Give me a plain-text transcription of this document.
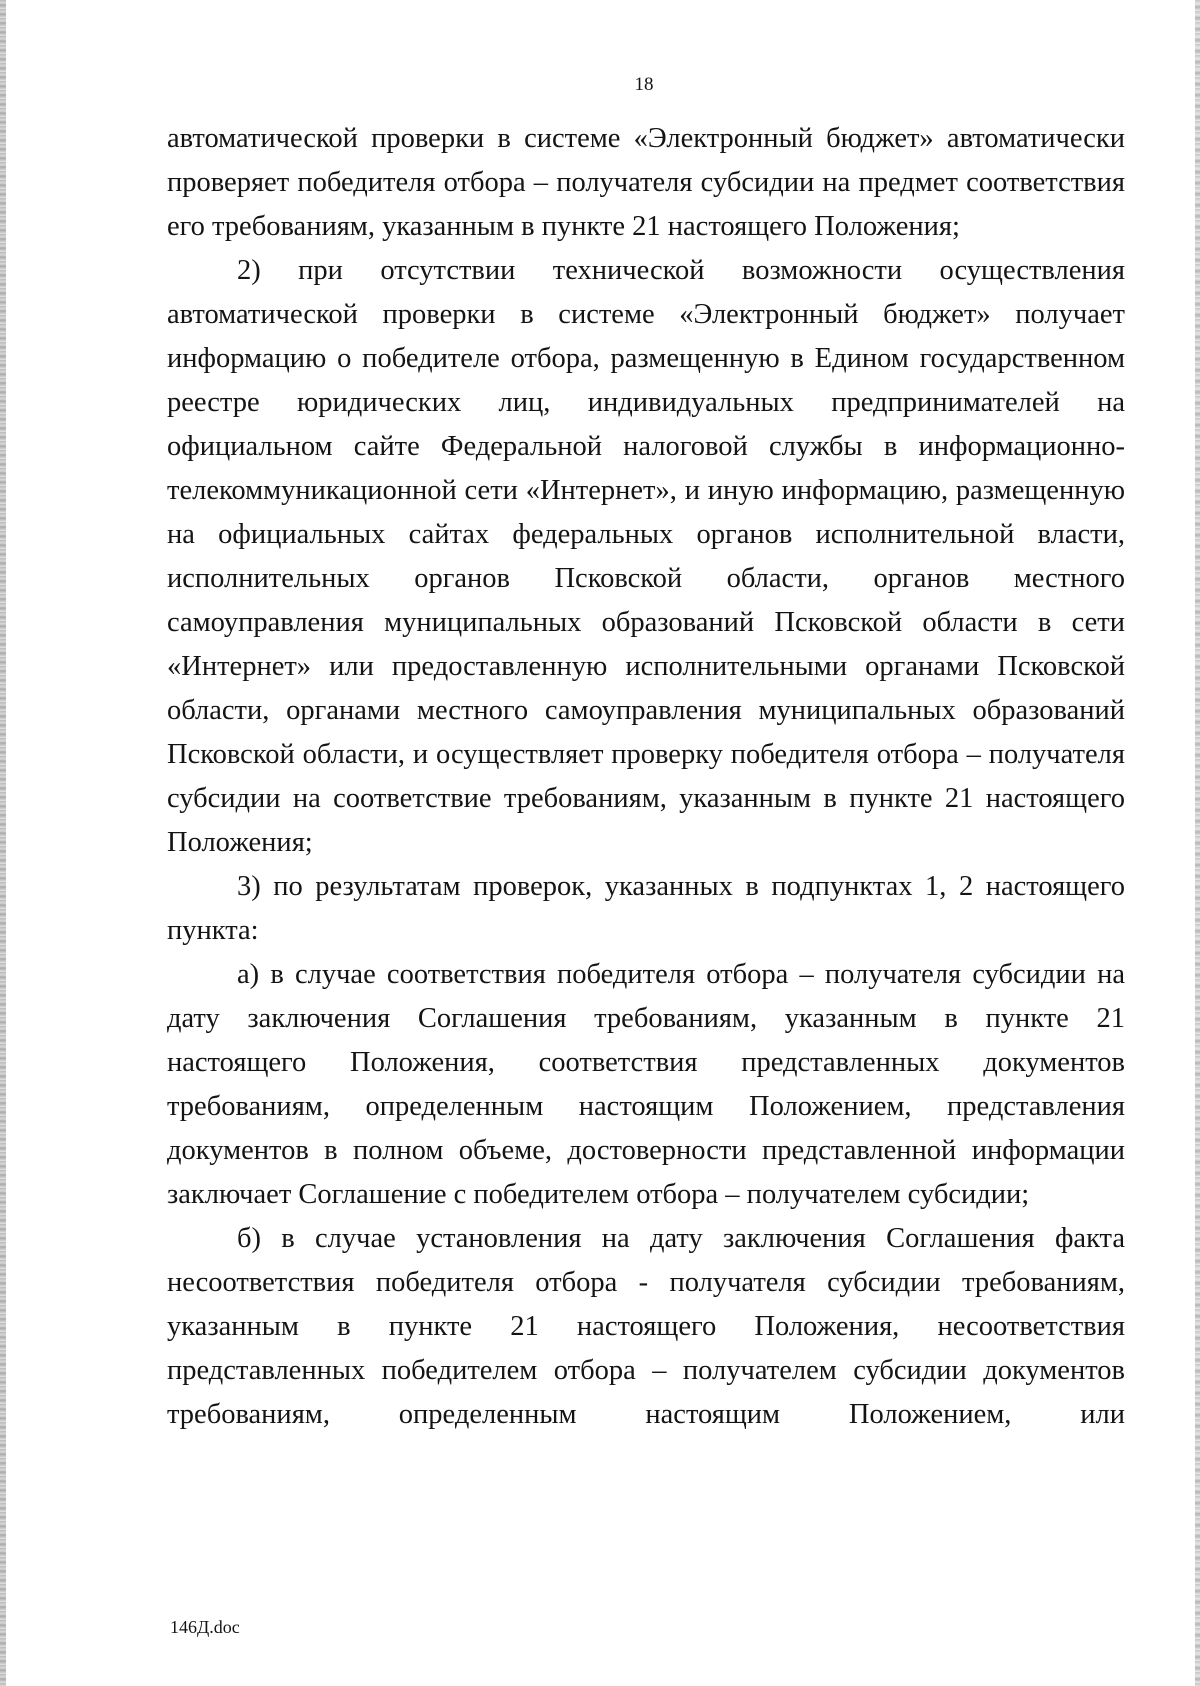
18

автоматической проверки в системе «Электронный бюджет» автоматически проверяет победителя отбора – получателя субсидии на предмет соответствия его требованиям, указанным в пункте 21 настоящего Положения;

2) при отсутствии технической возможности осуществления автоматической проверки в системе «Электронный бюджет» получает информацию о победителе отбора, размещенную в Едином государственном реестре юридических лиц, индивидуальных предпринимателей на официальном сайте Федеральной налоговой службы в информационно-телекоммуникационной сети «Интернет», и иную информацию, размещенную на официальных сайтах федеральных органов исполнительной власти, исполнительных органов Псковской области, органов местного самоуправления муниципальных образований Псковской области в сети «Интернет» или предоставленную исполнительными органами Псковской области, органами местного самоуправления муниципальных образований Псковской области, и осуществляет проверку победителя отбора – получателя субсидии на соответствие требованиям, указанным в пункте 21 настоящего Положения;

3) по результатам проверок, указанных в подпунктах 1, 2 настоящего пункта:

а) в случае соответствия победителя отбора – получателя субсидии на дату заключения Соглашения требованиям, указанным в пункте 21 настоящего Положения, соответствия представленных документов требованиям, определенным настоящим Положением, представления документов в полном объеме, достоверности представленной информации заключает Соглашение с победителем отбора – получателем субсидии;

б) в случае установления на дату заключения Соглашения факта несоответствия победителя отбора - получателя субсидии требованиям, указанным в пункте 21 настоящего Положения, несоответствия представленных победителем отбора – получателем субсидии документов требованиям, определенным настоящим Положением, или

146Д.doc
